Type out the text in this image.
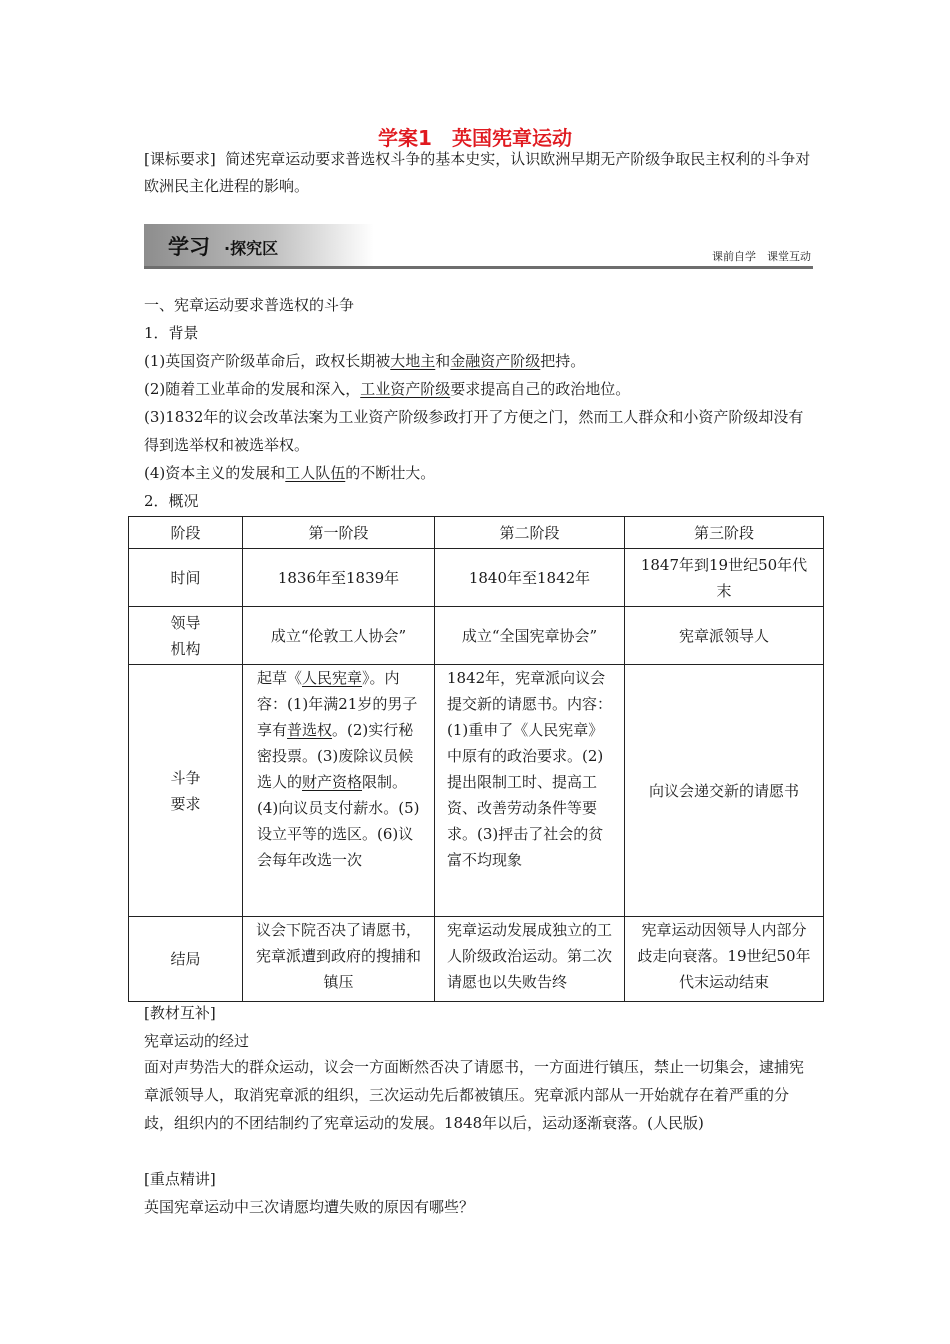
学案1　英国宪章运动
[课标要求] 简述宪章运动要求普选权斗争的基本史实，认识欧洲早期无产阶级争取民主权利的斗争对欧洲民主化进程的影响。
学习 ·探究区	课前自学　课堂互动
一、宪章运动要求普选权的斗争
1．背景
(1)英国资产阶级革命后，政权长期被大地主和金融资产阶级把持。
(2)随着工业革命的发展和深入，工业资产阶级要求提高自己的政治地位。
(3)1832年的议会改革法案为工业资产阶级参政打开了方便之门，然而工人群众和小资产阶级却没有得到选举权和被选举权。
(4)资本主义的发展和工人队伍的不断壮大。
2．概况
阶段	第一阶段	第二阶段	第三阶段
时间	1836年至1839年	1840年至1842年	1847年到19世纪50年代末
领导机构	成立“伦敦工人协会”	成立“全国宪章协会”	宪章派领导人
斗争要求	起草《人民宪章》。内容：(1)年满21岁的男子享有普选权。(2)实行秘密投票。(3)废除议员候选人的财产资格限制。(4)向议员支付薪水。(5)设立平等的选区。(6)议会每年改选一次	1842年，宪章派向议会提交新的请愿书。内容：(1)重申了《人民宪章》中原有的政治要求。(2)提出限制工时、提高工资、改善劳动条件等要求。(3)抨击了社会的贫富不均现象	向议会递交新的请愿书
结局	议会下院否决了请愿书，宪章派遭到政府的搜捕和镇压	宪章运动发展成独立的工人阶级政治运动。第二次请愿也以失败告终	宪章运动因领导人内部分歧走向衰落。19世纪50年代末运动结束
[教材互补]
宪章运动的经过
面对声势浩大的群众运动，议会一方面断然否决了请愿书，一方面进行镇压，禁止一切集会，逮捕宪章派领导人，取消宪章派的组织，三次运动先后都被镇压。宪章派内部从一开始就存在着严重的分歧，组织内的不团结制约了宪章运动的发展。1848年以后，运动逐渐衰落。(人民版)
[重点精讲]
英国宪章运动中三次请愿均遭失败的原因有哪些？
